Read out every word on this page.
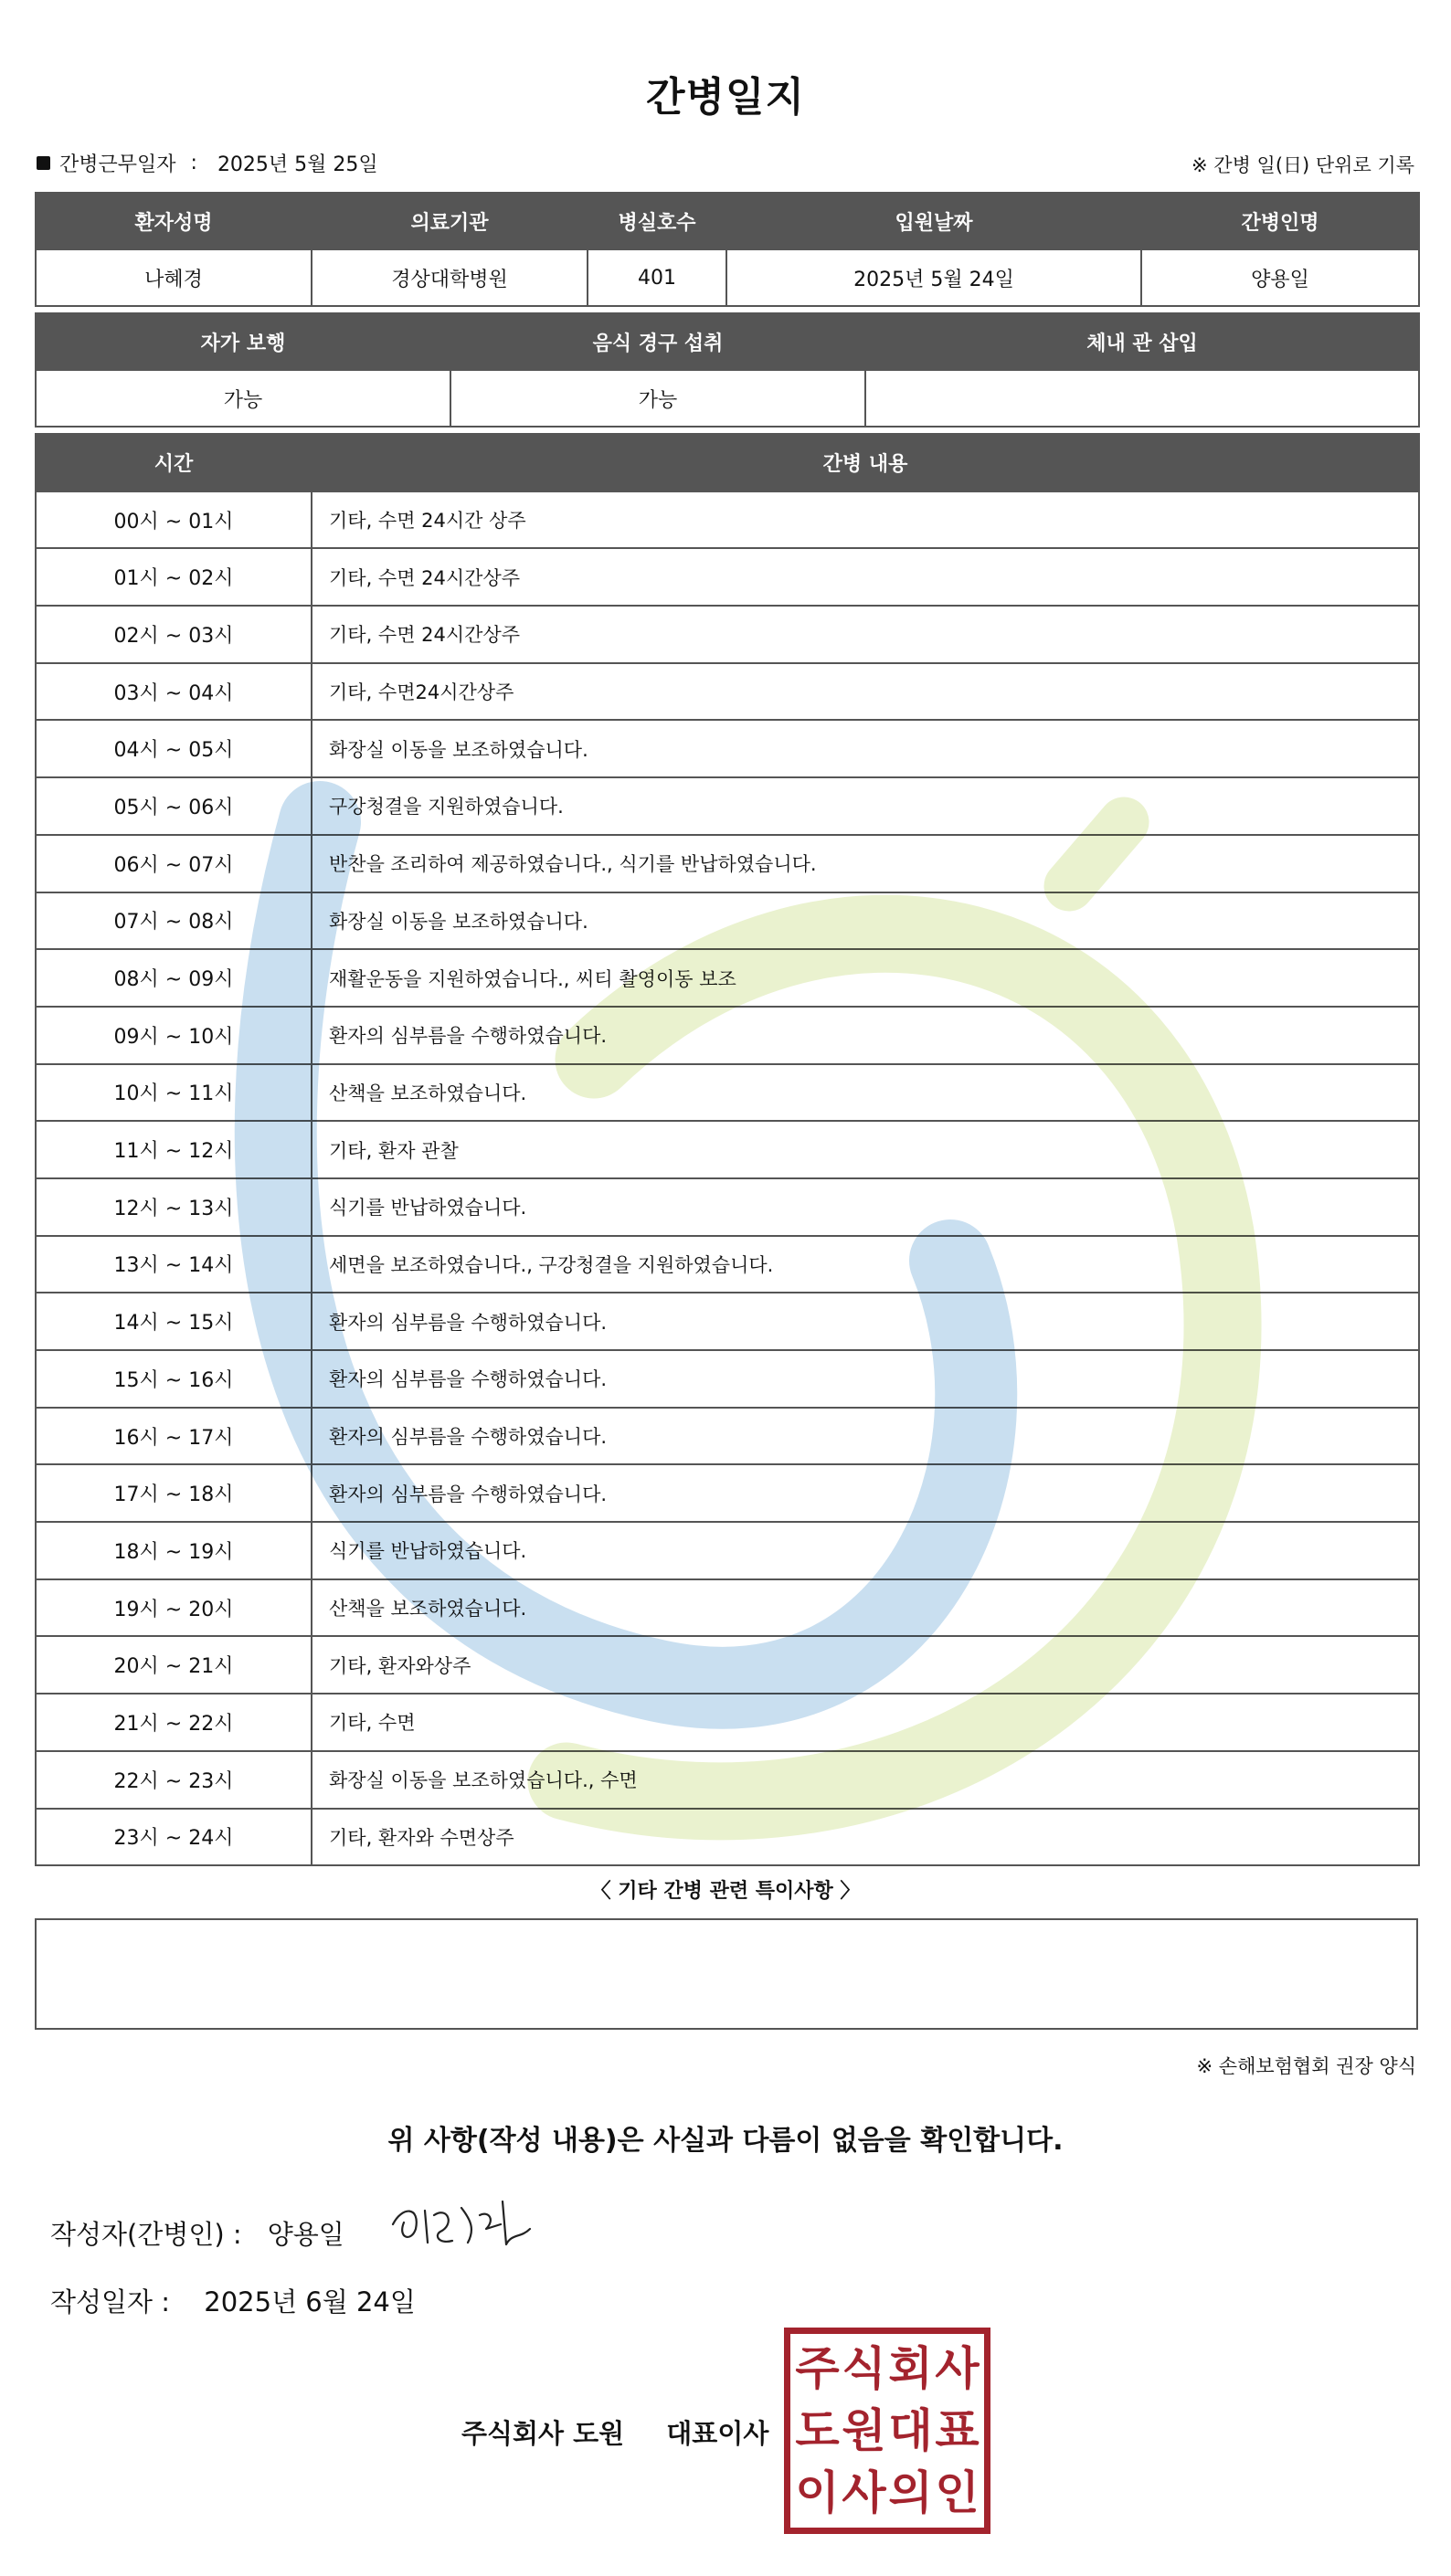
간병일지
간병근무일자 : 2025년 5월 25일	※ 간병 일(日) 단위로 기록
환자성명	의료기관	병실호수	입원날짜	간병인명
나혜경	경상대학병원	401	2025년 5월 24일	양용일
자가 보행	음식 경구 섭취	체내 관 삽입
가능	가능	
시간	간병 내용
00시 ~ 01시	기타, 수면 24시간 상주
01시 ~ 02시	기타, 수면 24시간상주
02시 ~ 03시	기타, 수면 24시간상주
03시 ~ 04시	기타, 수면24시간상주
04시 ~ 05시	화장실 이동을 보조하였습니다.
05시 ~ 06시	구강청결을 지원하였습니다.
06시 ~ 07시	반찬을 조리하여 제공하였습니다., 식기를 반납하였습니다.
07시 ~ 08시	화장실 이동을 보조하였습니다.
08시 ~ 09시	재활운동을 지원하였습니다., 씨티 촬영이동 보조
09시 ~ 10시	환자의 심부름을 수행하였습니다.
10시 ~ 11시	산책을 보조하였습니다.
11시 ~ 12시	기타, 환자 관찰
12시 ~ 13시	식기를 반납하였습니다.
13시 ~ 14시	세면을 보조하였습니다., 구강청결을 지원하였습니다.
14시 ~ 15시	환자의 심부름을 수행하였습니다.
15시 ~ 16시	환자의 심부름을 수행하였습니다.
16시 ~ 17시	환자의 심부름을 수행하였습니다.
17시 ~ 18시	환자의 심부름을 수행하였습니다.
18시 ~ 19시	식기를 반납하였습니다.
19시 ~ 20시	산책을 보조하였습니다.
20시 ~ 21시	기타, 환자와상주
21시 ~ 22시	기타, 수면
22시 ~ 23시	화장실 이동을 보조하였습니다., 수면
23시 ~ 24시	기타, 환자와 수면상주
〈 기타 간병 관련 특이사항 〉
※ 손해보험협회 권장 양식
위 사항(작성 내용)은 사실과 다름이 없음을 확인합니다.
작성자(간병인) : 양용일
작성일자 : 2025년 6월 24일
주식회사 도원 대표이사
주 식 회 사
도 원 대 표
이 사 의 인
